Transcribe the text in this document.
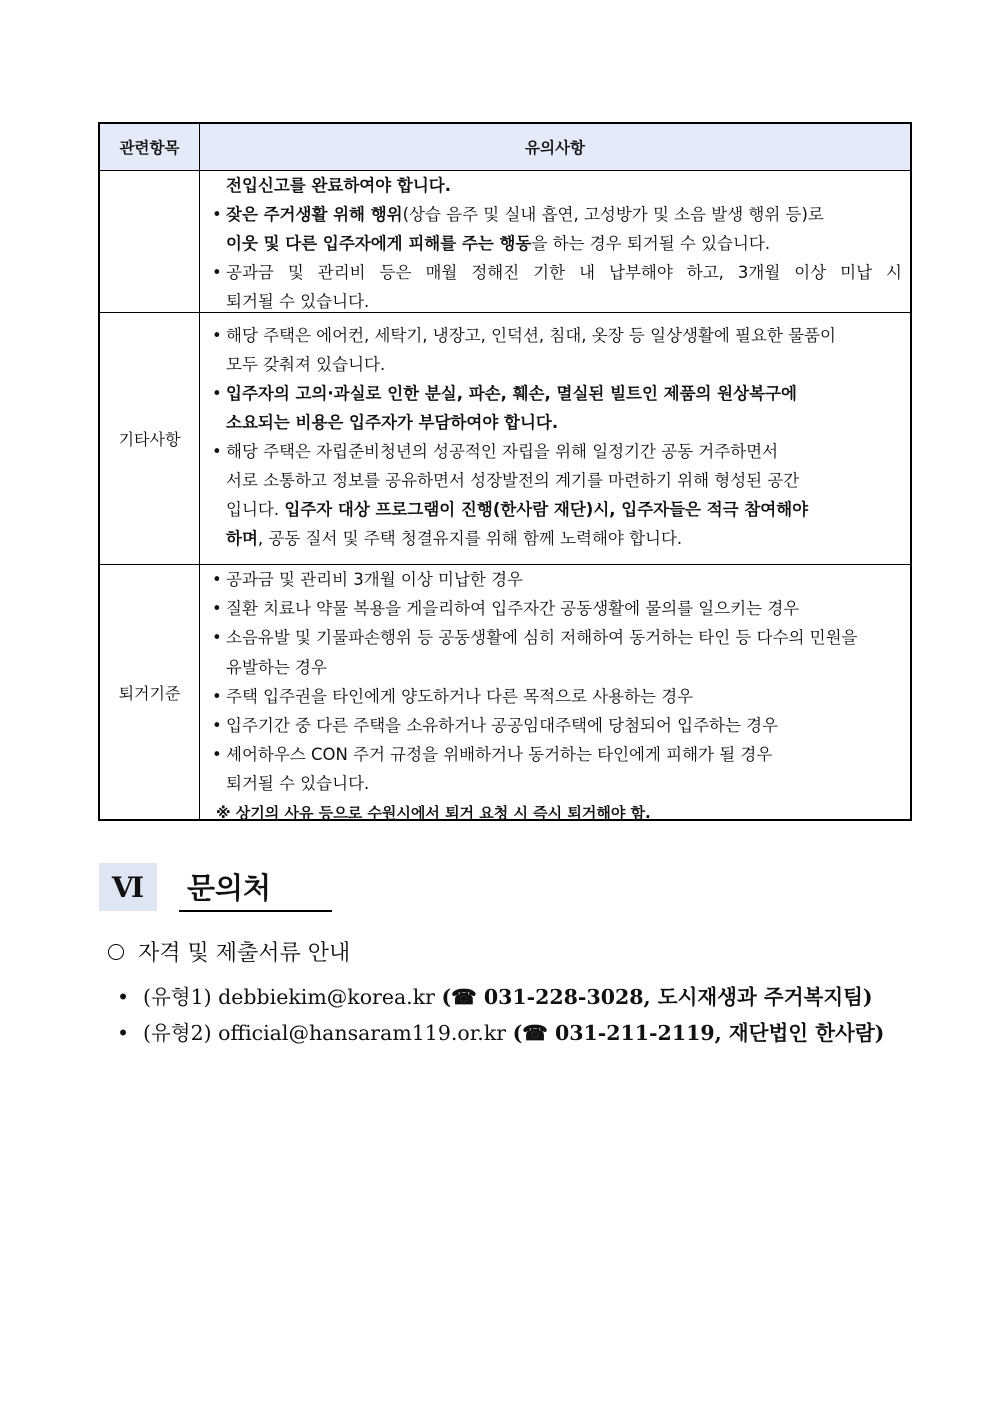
관련항목	유의사항
전입신고를 완료하여야 합니다.
• 잦은 주거생활 위해 행위(상습 음주 및 실내 흡연, 고성방가 및 소음 발생 행위 등)로
이웃 및 다른 입주자에게 피해를 주는 행동을 하는 경우 퇴거될 수 있습니다.
• 공과금 및 관리비 등은 매월 정해진 기한 내 납부해야 하고, 3개월 이상 미납 시
퇴거될 수 있습니다.
기타사항
• 해당 주택은 에어컨, 세탁기, 냉장고, 인덕션, 침대, 옷장 등 일상생활에 필요한 물품이
모두 갖춰져 있습니다.
• 입주자의 고의·과실로 인한 분실, 파손, 훼손, 멸실된 빌트인 제품의 원상복구에
소요되는 비용은 입주자가 부담하여야 합니다.
• 해당 주택은 자립준비청년의 성공적인 자립을 위해 일정기간 공동 거주하면서
서로 소통하고 정보를 공유하면서 성장발전의 계기를 마련하기 위해 형성된 공간
입니다. 입주자 대상 프로그램이 진행(한사람 재단)시, 입주자들은 적극 참여해야
하며, 공동 질서 및 주택 청결유지를 위해 함께 노력해야 합니다.
퇴거기준
• 공과금 및 관리비 3개월 이상 미납한 경우
• 질환 치료나 약물 복용을 게을리하여 입주자간 공동생활에 물의를 일으키는 경우
• 소음유발 및 기물파손행위 등 공동생활에 심히 저해하여 동거하는 타인 등 다수의 민원을
유발하는 경우
• 주택 입주권을 타인에게 양도하거나 다른 목적으로 사용하는 경우
• 입주기간 중 다른 주택을 소유하거나 공공임대주택에 당첨되어 입주하는 경우
• 셰어하우스 CON 주거 규정을 위배하거나 동거하는 타인에게 피해가 될 경우
퇴거될 수 있습니다.
※ 상기의 사유 등으로 수원시에서 퇴거 요청 시 즉시 퇴거해야 함.
Ⅵ	문의처
자격 및 제출서류 안내
• (유형1) debbiekim@korea.kr (☎ 031-228-3028, 도시재생과 주거복지팀)
• (유형2) official@hansaram119.or.kr (☎ 031-211-2119, 재단법인 한사람)
